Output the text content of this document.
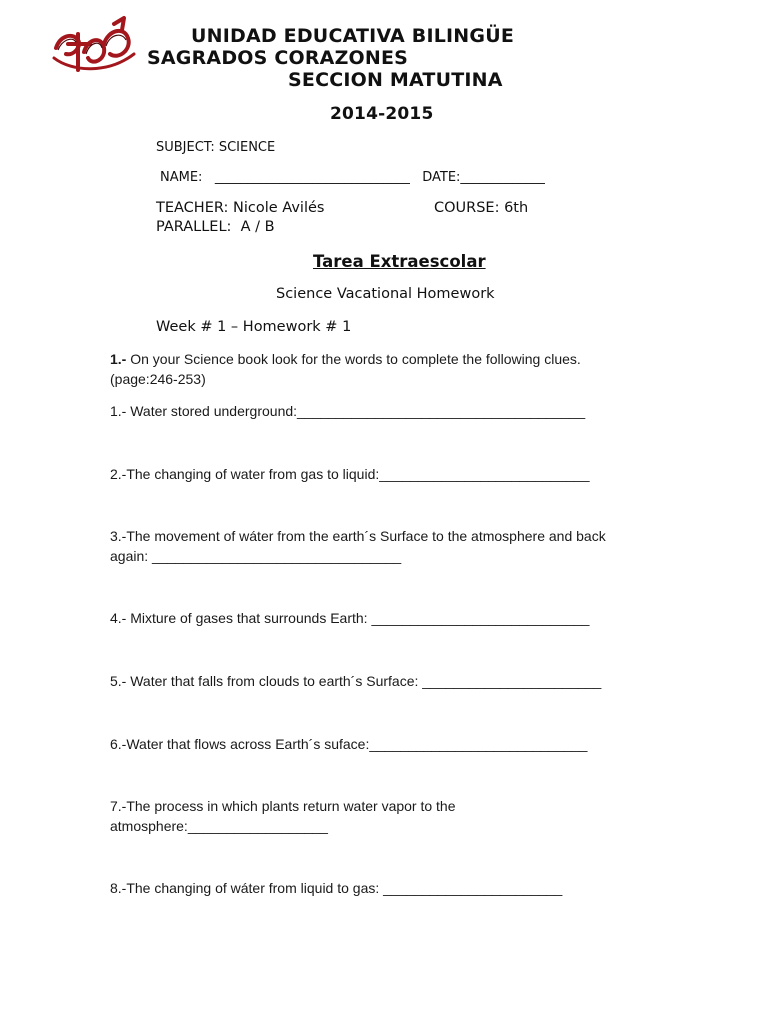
UNIDAD EDUCATIVA BILINGÜE
SAGRADOS CORAZONES
SECCION MATUTINA
2014-2015
SUBJECT: SCIENCE
NAME:   ______________________________   DATE:_____________
TEACHER: Nicole Avilés	COURSE: 6th
PARALLEL:  A / B
Tarea Extraescolar
Science Vacational Homework
Week # 1 – Homework # 1
1.- On your Science book look for the words to complete the following clues.
(page:246-253)
1.- Water stored underground:_____________________________________
2.-The changing of water from gas to liquid:___________________________
3.-The movement of wáter from the earth´s Surface to the atmosphere and back
again: ________________________________
4.- Mixture of gases that surrounds Earth: ____________________________
5.- Water that falls from clouds to earth´s Surface: _______________________
6.-Water that flows across Earth´s suface:____________________________
7.-The process in which plants return water vapor to the
atmosphere:__________________
8.-The changing of wáter from liquid to gas: _______________________
